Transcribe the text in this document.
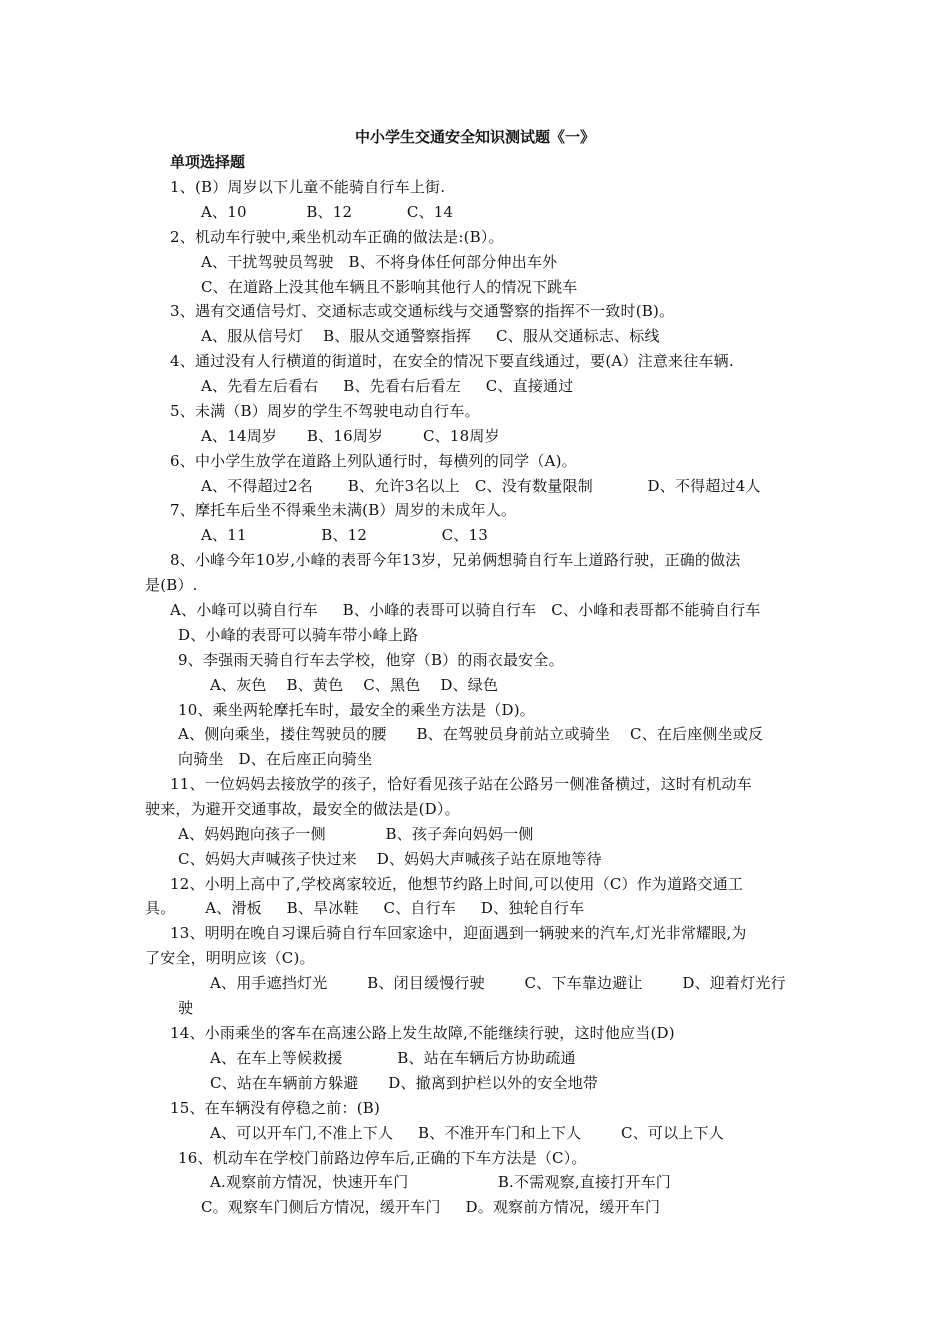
中小学生交通安全知识测试题《一》
单项选择题
1、(B）周岁以下儿童不能骑自行车上街.
A、10            B、12           C、14
2、机动车行驶中,乘坐机动车正确的做法是:(B）。
A、干扰驾驶员驾驶   B、不将身体任何部分伸出车外
C、在道路上没其他车辆且不影响其他行人的情况下跳车
3、遇有交通信号灯、交通标志或交通标线与交通警察的指挥不一致时(B)。
A、服从信号灯    B、服从交通警察指挥     C、服从交通标志、标线
4、通过没有人行横道的街道时，在安全的情况下要直线通过，要(A）注意来往车辆.
A、先看左后看右     B、先看右后看左     C、直接通过
5、未满（B）周岁的学生不驾驶电动自行车。
A、14周岁      B、16周岁        C、18周岁
6、中小学生放学在道路上列队通行时，每横列的同学（A)。
A、不得超过2名       B、允许3名以上   C、没有数量限制           D、不得超过4人
7、摩托车后坐不得乘坐未满(B）周岁的未成年人。
A、11               B、12               C、13
8、小峰今年10岁,小峰的表哥今年13岁，兄弟俩想骑自行车上道路行驶，正确的做法
是(B）.
A、小峰可以骑自行车     B、小峰的表哥可以骑自行车   C、小峰和表哥都不能骑自行车
D、小峰的表哥可以骑车带小峰上路
9、李强雨天骑自行车去学校，他穿（B）的雨衣最安全。
A、灰色    B、黄色    C、黑色    D、绿色
10、乘坐两轮摩托车时，最安全的乘坐方法是（D)。
A、侧向乘坐，搂住驾驶员的腰      B、在驾驶员身前站立或骑坐    C、在后座侧坐或反
向骑坐   D、在后座正向骑坐
11、一位妈妈去接放学的孩子，恰好看见孩子站在公路另一侧准备横过，这时有机动车
驶来，为避开交通事故，最安全的做法是(D）。
A、妈妈跑向孩子一侧            B、孩子奔向妈妈一侧
C、妈妈大声喊孩子快过来    D、妈妈大声喊孩子站在原地等待
12、小明上高中了,学校离家较近，他想节约路上时间,可以使用（C）作为道路交通工
具。      A、滑板     B、旱冰鞋     C、自行车     D、独轮自行车
13、明明在晚自习课后骑自行车回家途中，迎面遇到一辆驶来的汽车,灯光非常耀眼,为
了安全，明明应该（C)。
A、用手遮挡灯光        B、闭目缓慢行驶        C、下车靠边避让        D、迎着灯光行
驶
14、小雨乘坐的客车在高速公路上发生故障,不能继续行驶，这时他应当(D)
A、在车上等候救援           B、站在车辆后方协助疏通
C、站在车辆前方躲避      D、撤离到护栏以外的安全地带
15、在车辆没有停稳之前：(B)
A、可以开车门,不准上下人     B、不准开车门和上下人        C、可以上下人
16、机动车在学校门前路边停车后,正确的下车方法是（C）。
A.观察前方情况，快速开车门                  B.不需观察,直接打开车门
C。观察车门侧后方情况，缓开车门     D。观察前方情况，缓开车门
